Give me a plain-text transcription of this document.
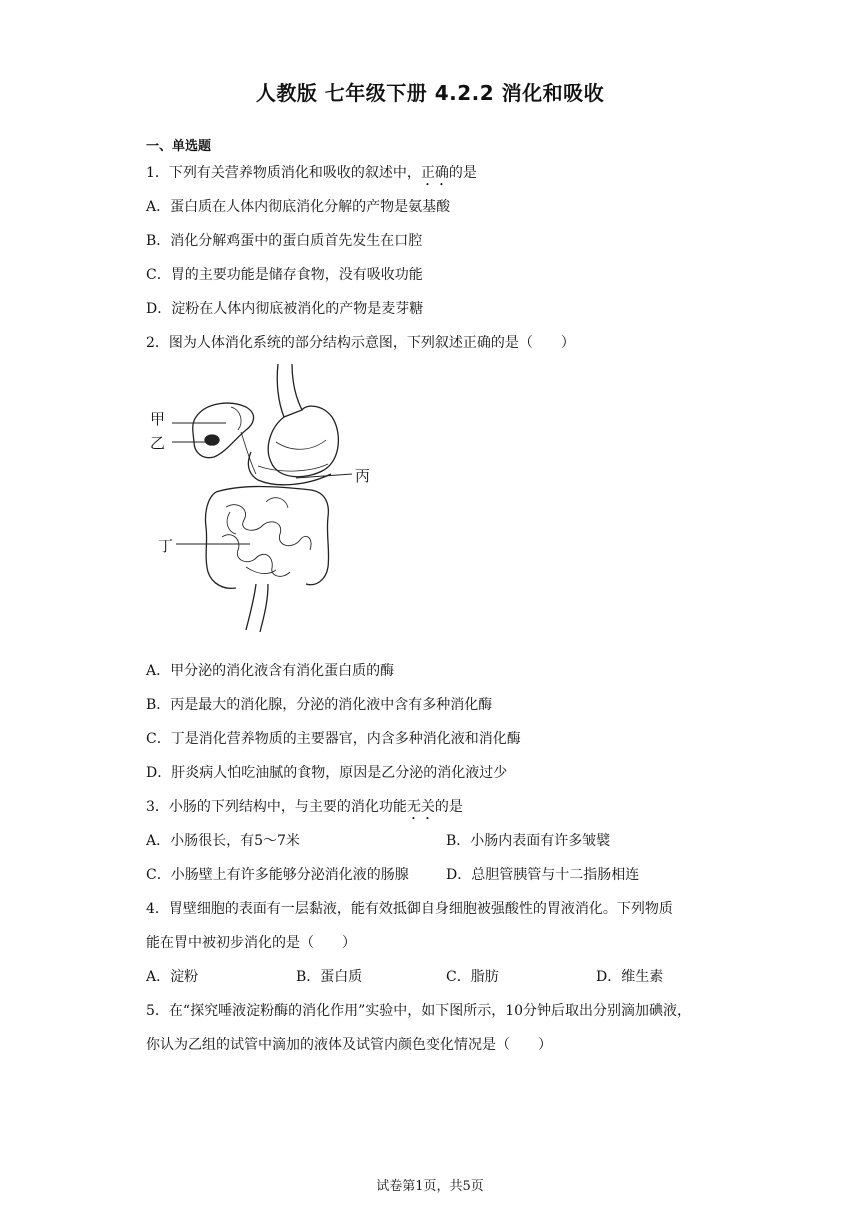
人教版 七年级下册 4.2.2 消化和吸收
一、单选题
1．下列有关营养物质消化和吸收的叙述中，正确的是
A．蛋白质在人体内彻底消化分解的产物是氨基酸
B．消化分解鸡蛋中的蛋白质首先发生在口腔
C．胃的主要功能是储存食物，没有吸收功能
D．淀粉在人体内彻底被消化的产物是麦芽糖
2．图为人体消化系统的部分结构示意图，下列叙述正确的是（　　）
甲
乙
丙
丁
A．甲分泌的消化液含有消化蛋白质的酶
B．丙是最大的消化腺，分泌的消化液中含有多种消化酶
C．丁是消化营养物质的主要器官，内含多种消化液和消化酶
D．肝炎病人怕吃油腻的食物，原因是乙分泌的消化液过少
3．小肠的下列结构中，与主要的消化功能无关的是
A．小肠很长，有5～7米	B．小肠内表面有许多皱襞
C．小肠壁上有许多能够分泌消化液的肠腺	D．总胆管胰管与十二指肠相连
4．胃壁细胞的表面有一层黏液，能有效抵御自身细胞被强酸性的胃液消化。下列物质
能在胃中被初步消化的是（　　）
A．淀粉	B．蛋白质	C．脂肪	D．维生素
5．在“探究唾液淀粉酶的消化作用”实验中，如下图所示，10分钟后取出分别滴加碘液，
你认为乙组的试管中滴加的液体及试管内颜色变化情况是（　　）
试卷第1页，共5页
